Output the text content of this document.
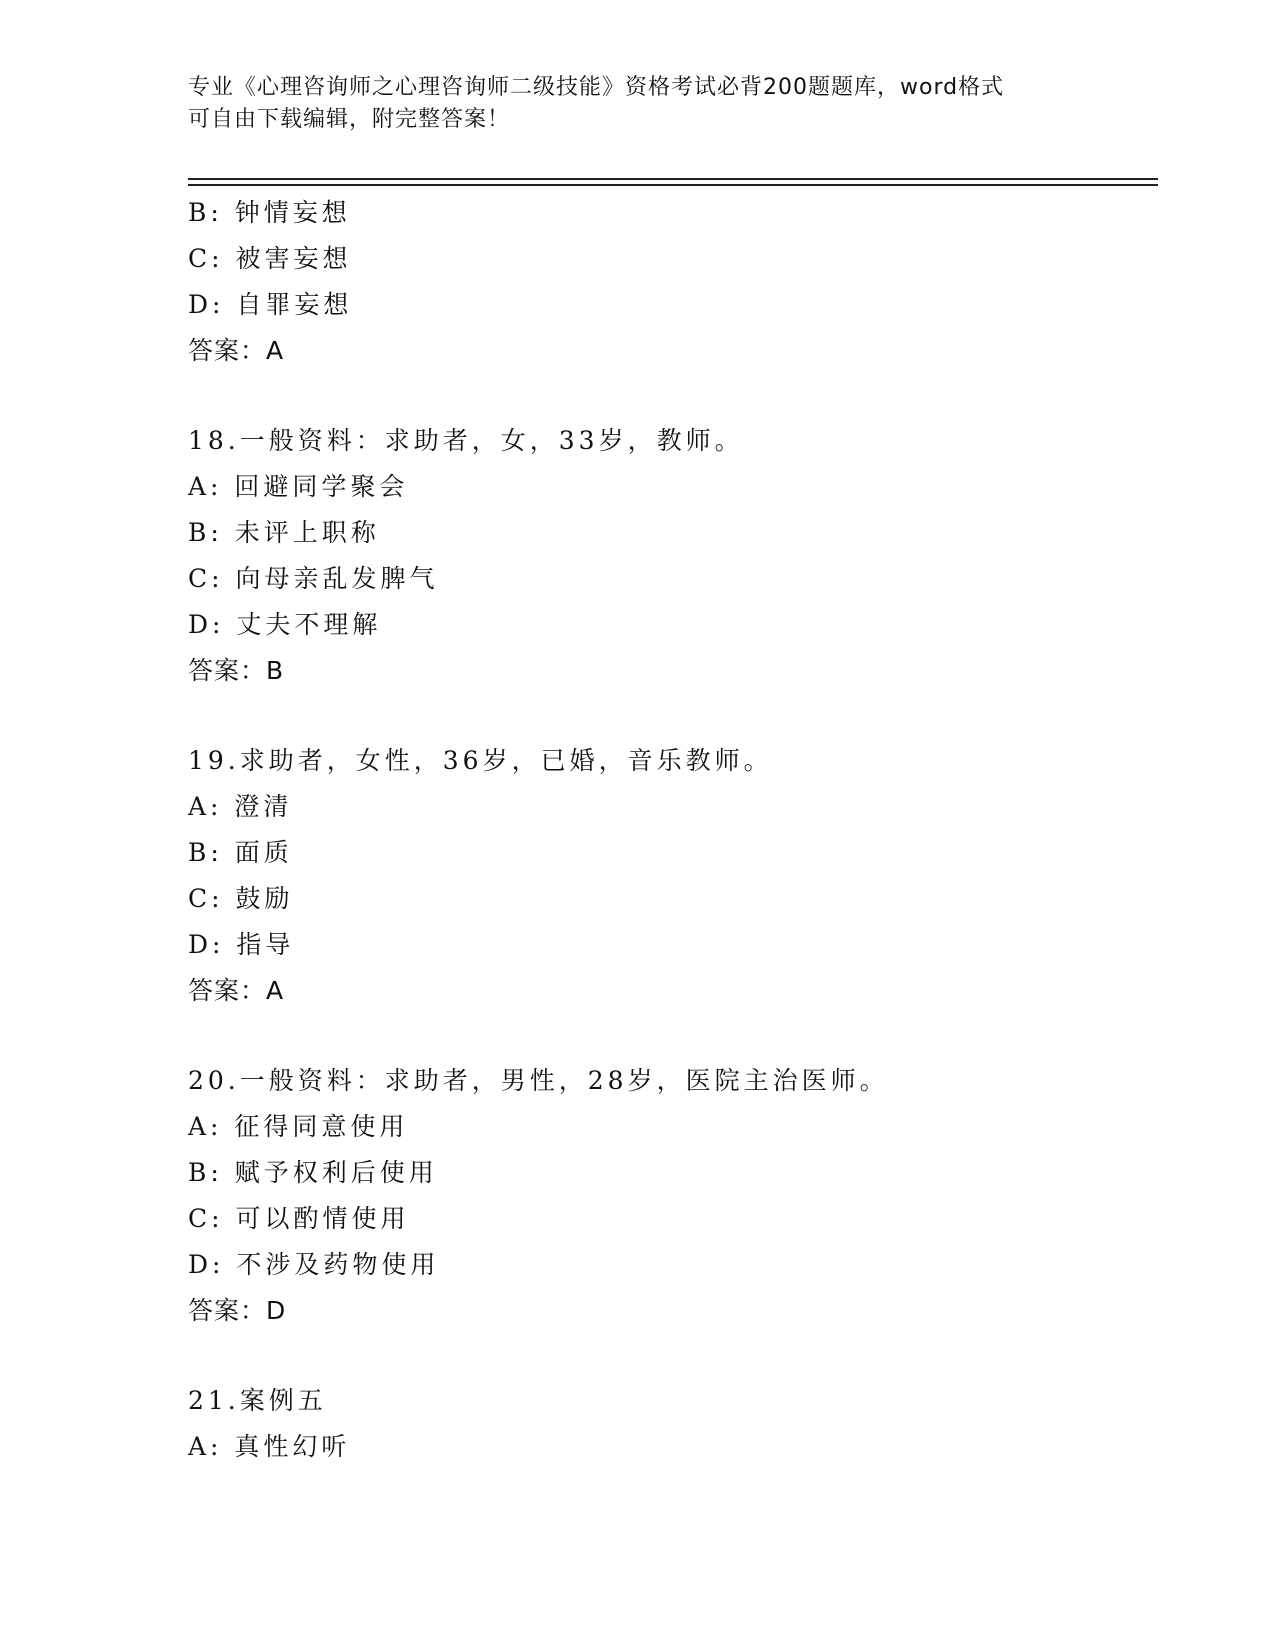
专业《心理咨询师之心理咨询师二级技能》资格考试必背200题题库，word格式

可自由下载编辑，附完整答案！

B: 钟情妄想
C: 被害妄想
D: 自罪妄想
答案：A
18.一般资料：求助者，女，33岁，教师。
A: 回避同学聚会
B: 未评上职称
C: 向母亲乱发脾气
D: 丈夫不理解
答案：B
19.求助者，女性，36岁，已婚，音乐教师。
A: 澄清
B: 面质
C: 鼓励
D: 指导
答案：A
20.一般资料：求助者，男性，28岁，医院主治医师。
A: 征得同意使用
B: 赋予权利后使用
C: 可以酌情使用
D: 不涉及药物使用
答案：D
21.案例五
A: 真性幻听
